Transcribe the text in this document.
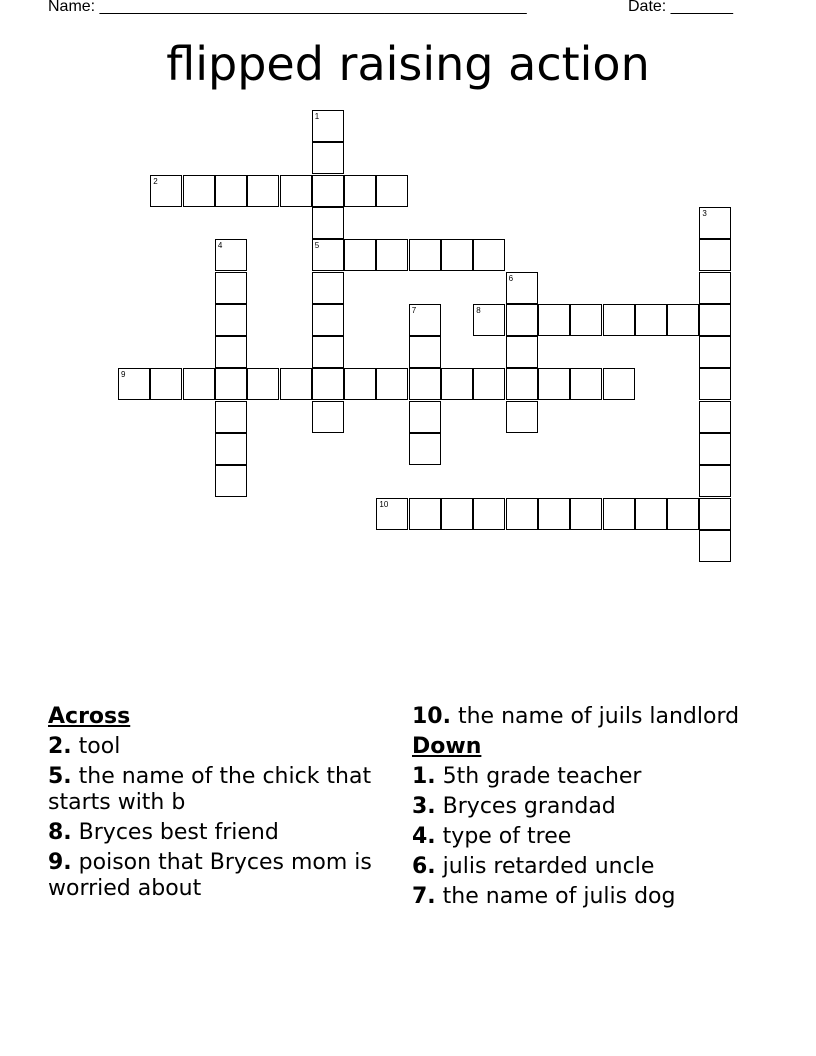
Name: ________________________________________________	Date: _______
flipped raising action
1
5
2
3
4
6
7	8
9
10
Across
2. tool
5. the name of the chick that starts with b
8. Bryces best friend
9. poison that Bryces mom is worried about
10. the name of juils landlord
Down
1. 5th grade teacher
3. Bryces grandad
4. type of tree
6. julis retarded uncle
7. the name of julis dog
